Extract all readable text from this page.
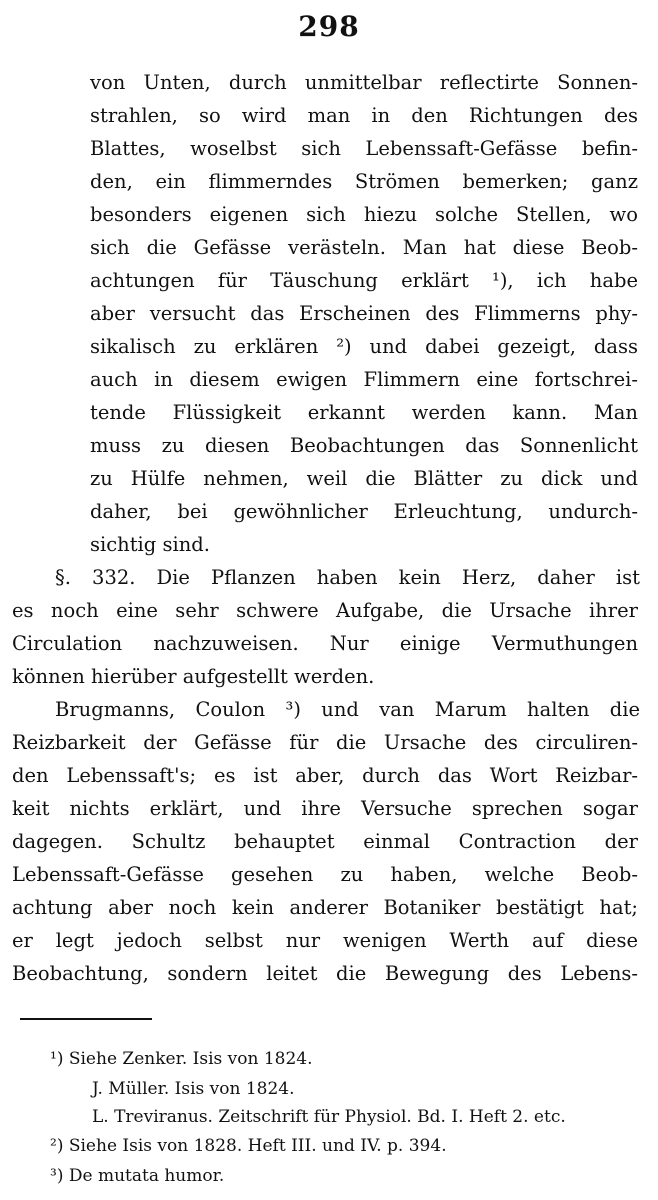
298
von Unten, durch unmittelbar reflectirte Sonnen-
strahlen, so wird man in den Richtungen des
Blattes, woselbst sich Lebenssaft-Gefässe befin-
den, ein flimmerndes Strömen bemerken; ganz
besonders eigenen sich hiezu solche Stellen, wo
sich die Gefässe verästeln. Man hat diese Beob-
achtungen für Täuschung erklärt ¹), ich habe
aber versucht das Erscheinen des Flimmerns phy-
sikalisch zu erklären ²) und dabei gezeigt, dass
auch in diesem ewigen Flimmern eine fortschrei-
tende Flüssigkeit erkannt werden kann. Man
muss zu diesen Beobachtungen das Sonnenlicht
zu Hülfe nehmen, weil die Blätter zu dick und
daher, bei gewöhnlicher Erleuchtung, undurch-
sichtig sind.
§. 332. Die Pflanzen haben kein Herz, daher ist
es noch eine sehr schwere Aufgabe, die Ursache ihrer
Circulation nachzuweisen. Nur einige Vermuthungen
können hierüber aufgestellt werden.
Brugmanns, Coulon ³) und van Marum halten die
Reizbarkeit der Gefässe für die Ursache des circuliren-
den Lebenssaft's; es ist aber, durch das Wort Reizbar-
keit nichts erklärt, und ihre Versuche sprechen sogar
dagegen. Schultz behauptet einmal Contraction der
Lebenssaft-Gefässe gesehen zu haben, welche Beob-
achtung aber noch kein anderer Botaniker bestätigt hat;
er legt jedoch selbst nur wenigen Werth auf diese
Beobachtung, sondern leitet die Bewegung des Lebens-
¹) Siehe Zenker. Isis von 1824.
J. Müller. Isis von 1824.
L. Treviranus. Zeitschrift für Physiol. Bd. I. Heft 2. etc.
²) Siehe Isis von 1828. Heft III. und IV. p. 394.
³) De mutata humor.
